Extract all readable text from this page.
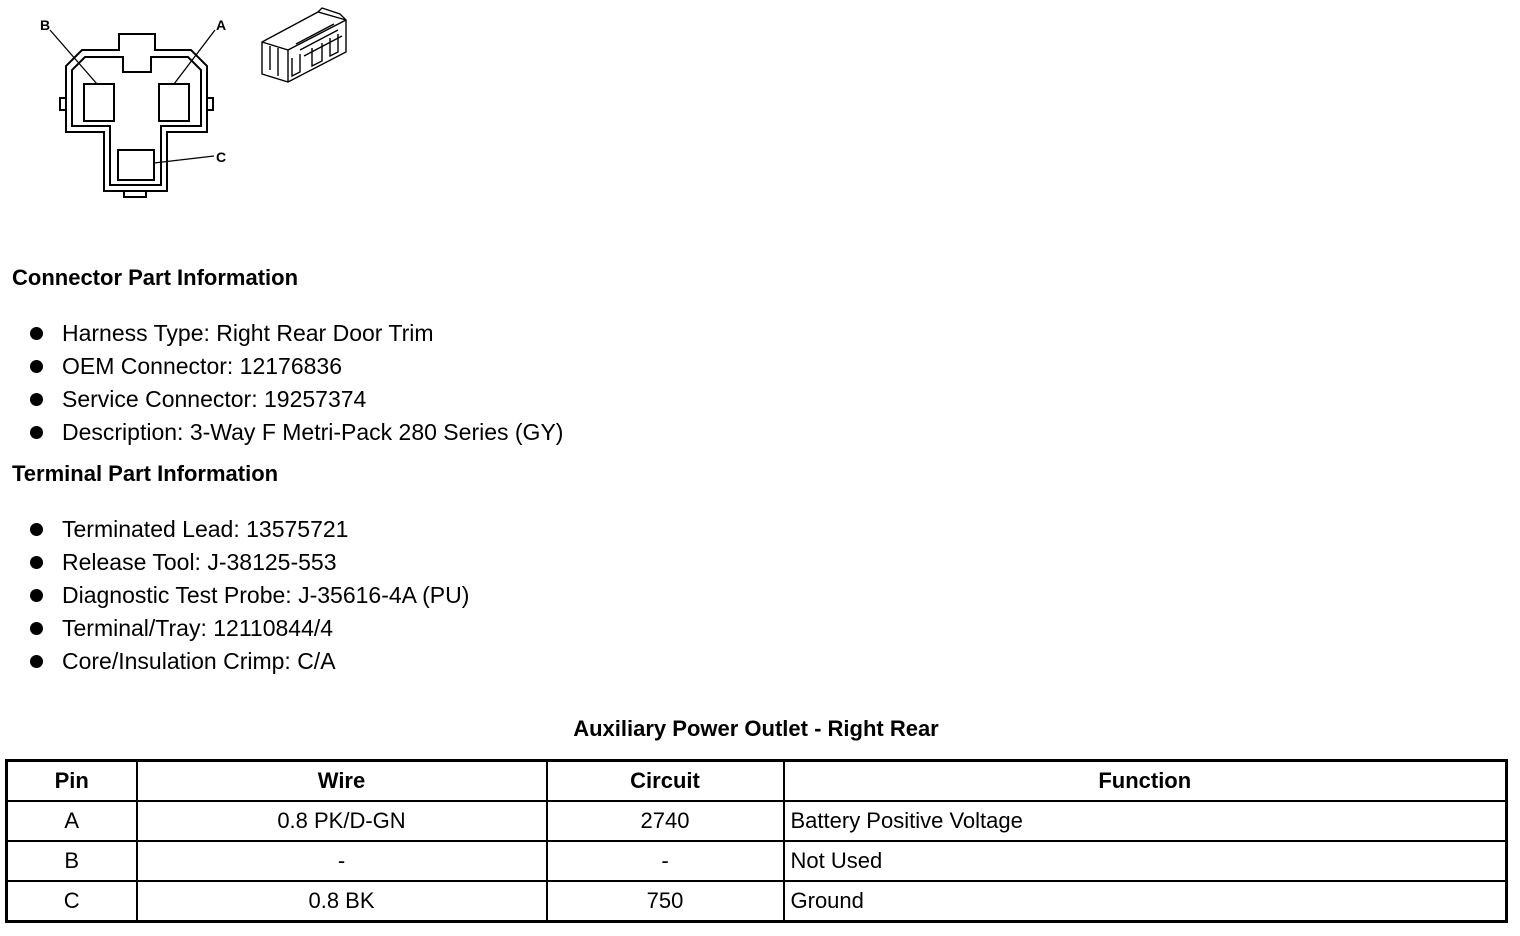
B	A
C
Connector Part Information
Harness Type: Right Rear Door Trim
OEM Connector: 12176836
Service Connector: 19257374
Description: 3-Way F Metri-Pack 280 Series (GY)
Terminal Part Information
Terminated Lead: 13575721
Release Tool: J-38125-553
Diagnostic Test Probe: J-35616-4A (PU)
Terminal/Tray: 12110844/4
Core/Insulation Crimp: C/A
Auxiliary Power Outlet - Right Rear
Pin	Wire	Circuit	Function
A	0.8 PK/D-GN	2740	Battery Positive Voltage
B	-	-	Not Used
C	0.8 BK	750	Ground
